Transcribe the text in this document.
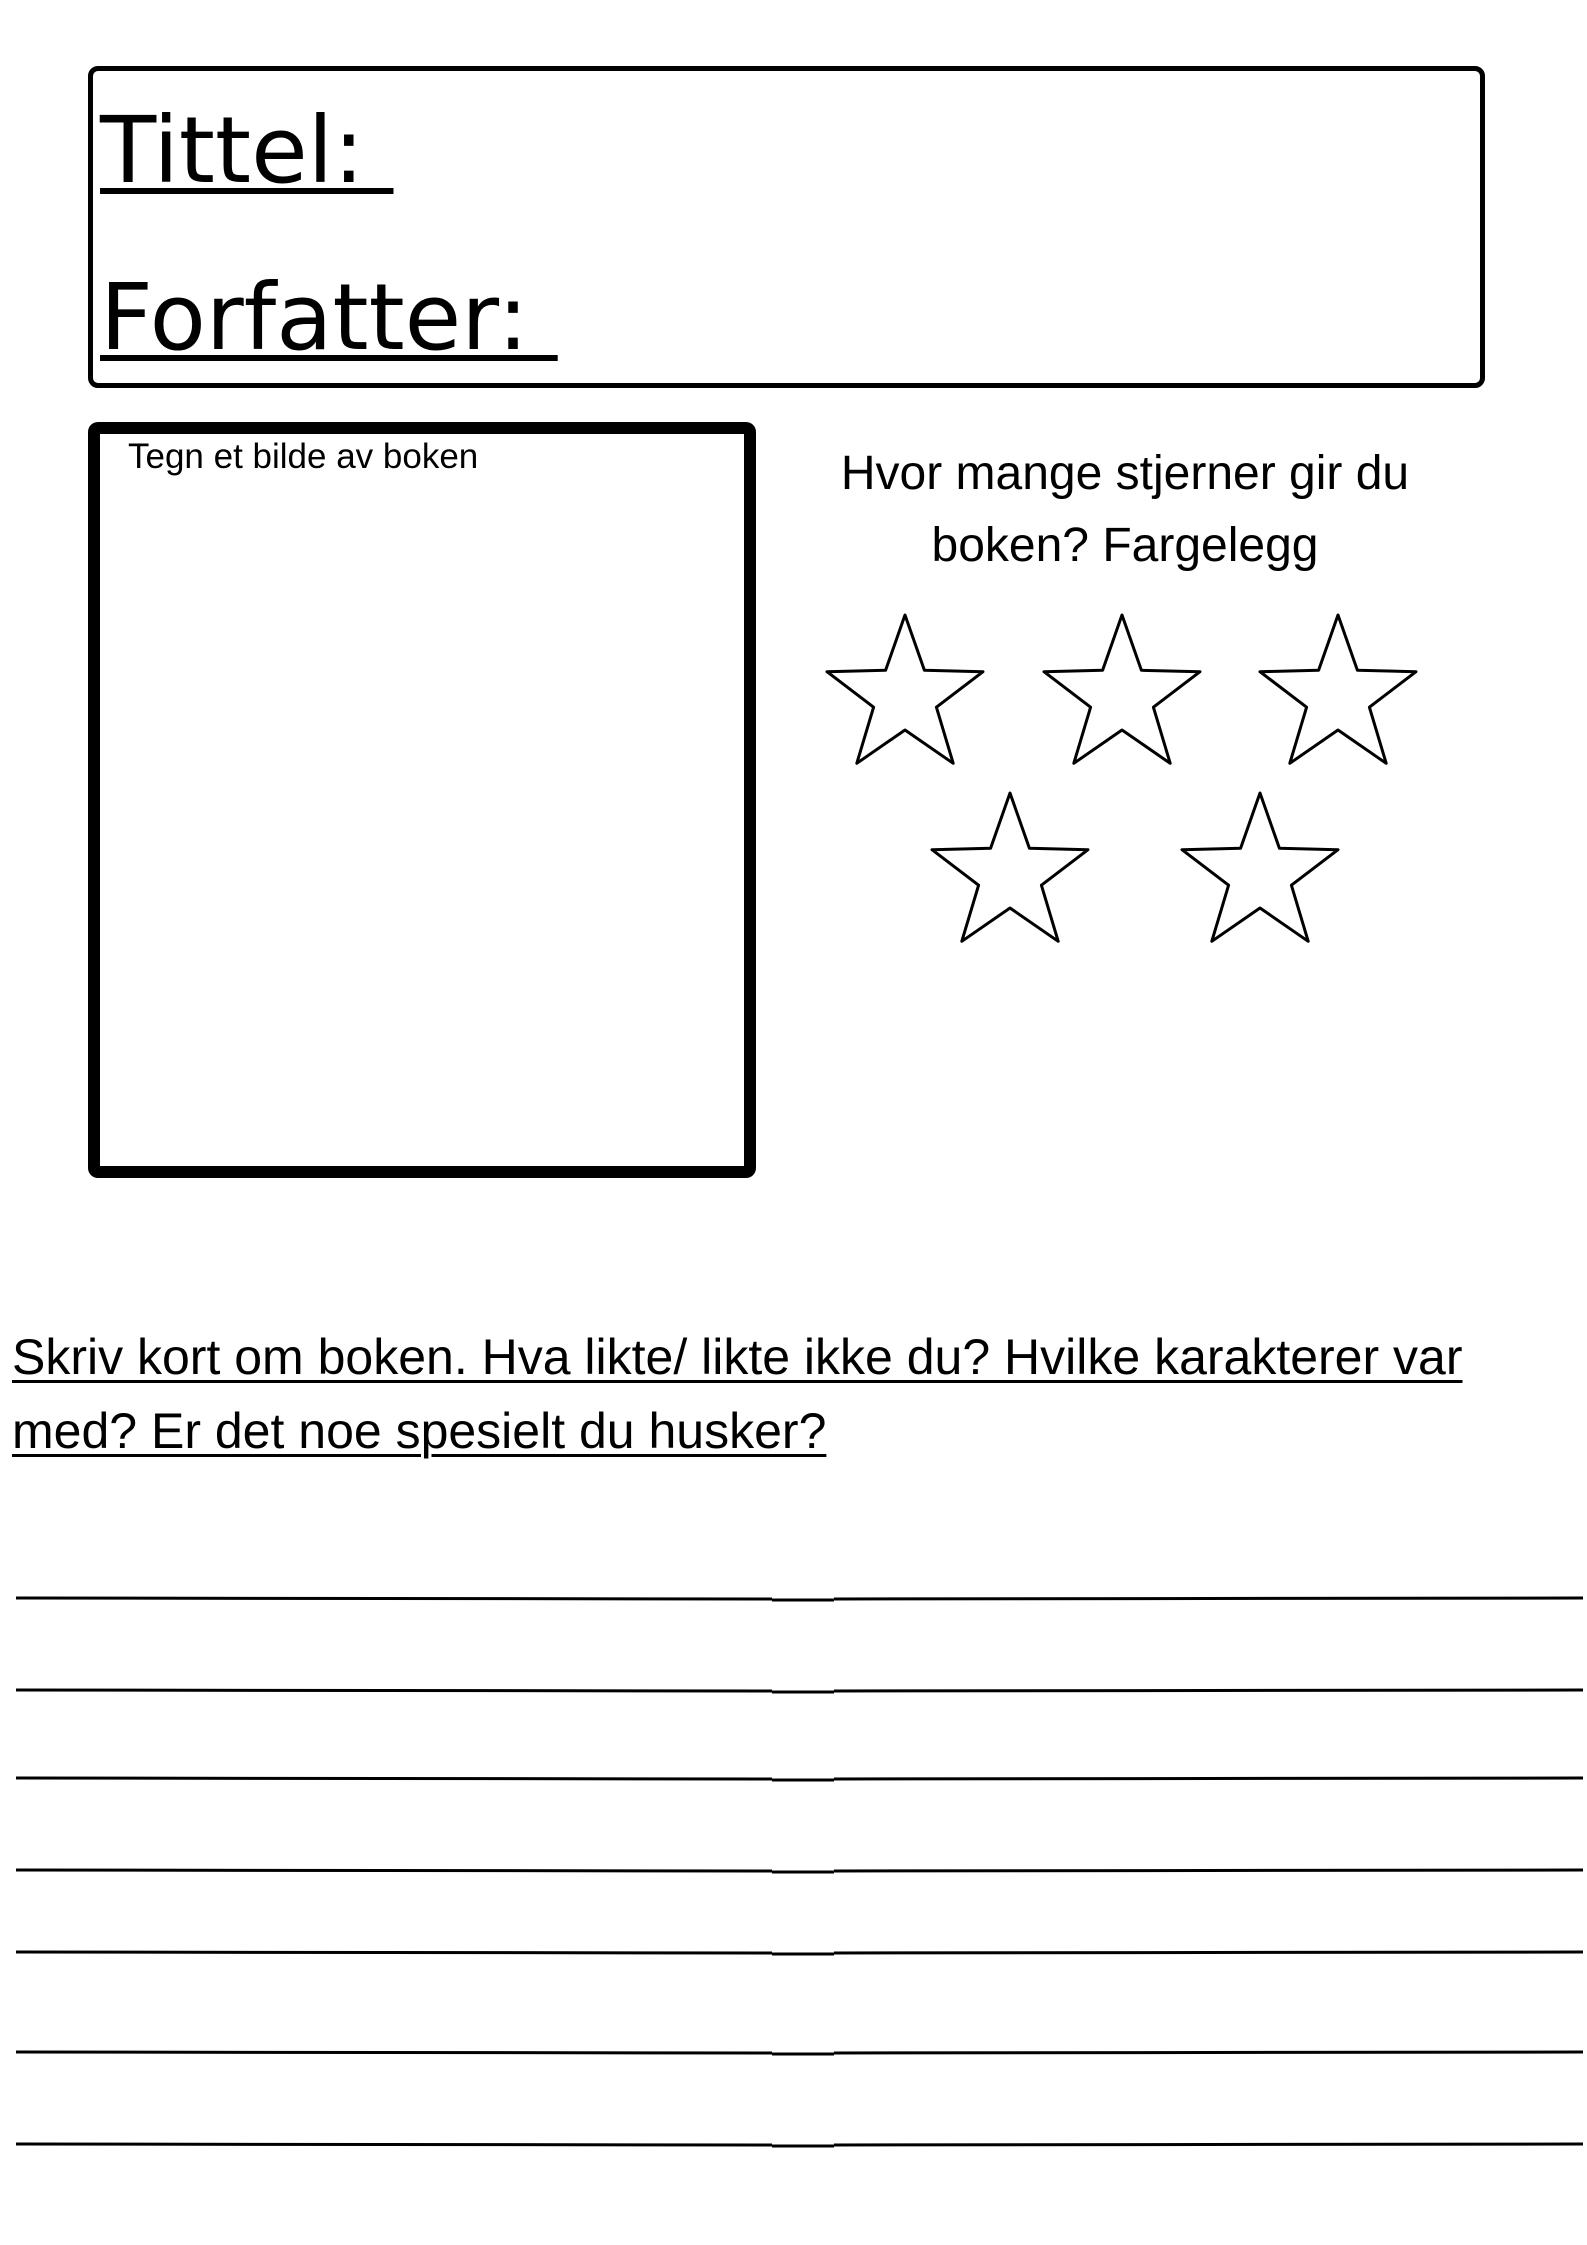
Tittel:
Forfatter:
Tegn et bilde av boken	Hvor mange stjerner gir du boken? Fargelegg
Skriv kort om boken. Hva likte/ likte ikke du? Hvilke karakterer var med? Er det noe spesielt du husker?
